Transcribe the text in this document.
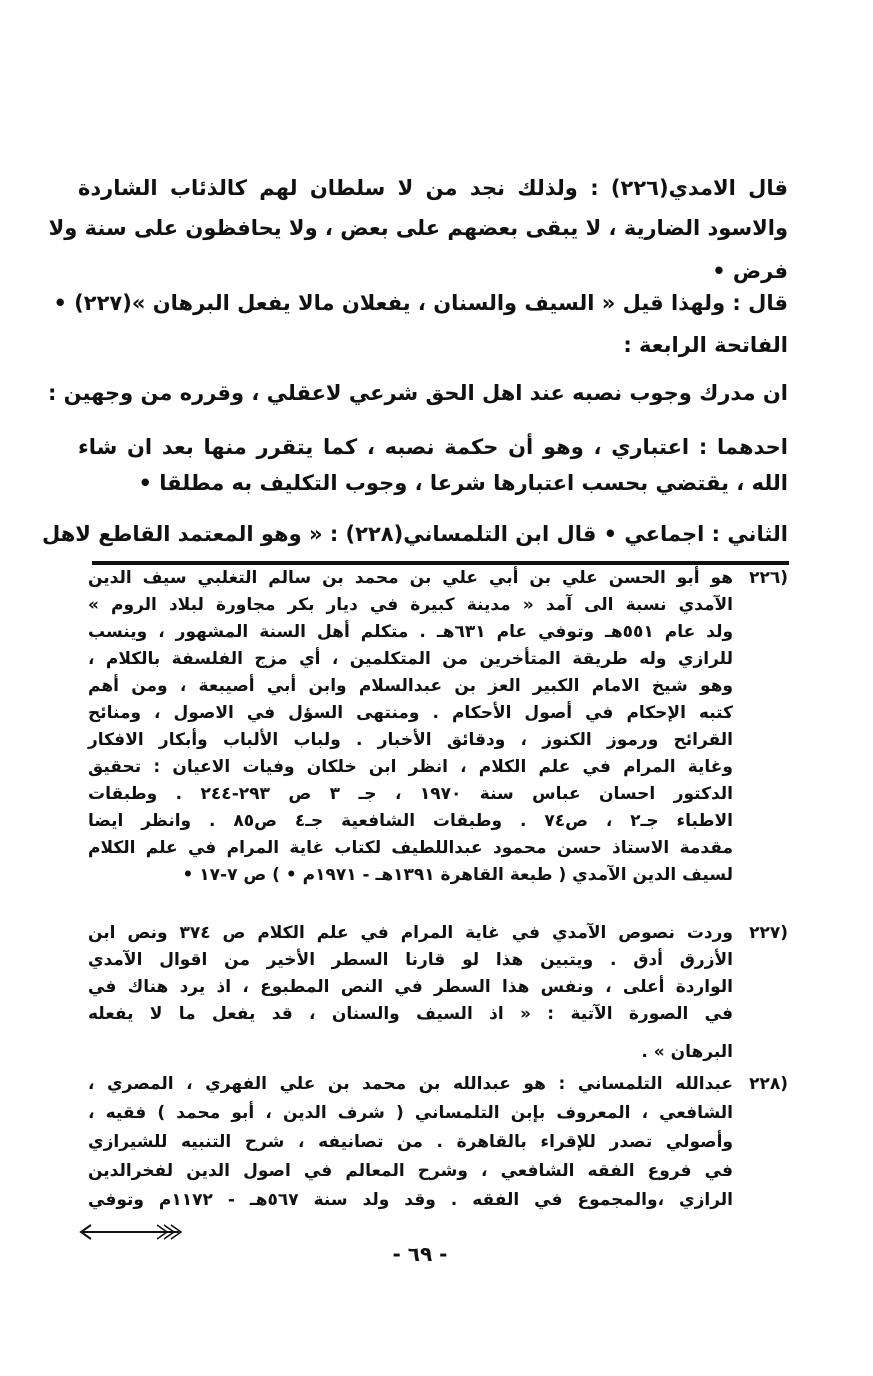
قال الامدي(٢٢٦) : ولذلك نجد من لا سلطان لهم كالذئاب الشاردة
والاسود الضارية ، لا يبقى بعضهم على بعض ، ولا يحافظون على سنة ولا
فرض •
قال : ولهذا قيل « السيف والسنان ، يفعلان مالا يفعل البرهان »(٢٢٧) •
الفاتحة الرابعة :
ان مدرك وجوب نصبه عند اهل الحق شرعي لاعقلي ، وقرره من وجهين :
احدهما : اعتباري ، وهو أن حكمة نصبه ، كما يتقرر منها بعد ان شاء
الله ، يقتضي بحسب اعتبارها شرعا ، وجوب التكليف به مطلقا •
الثاني : اجماعي • قال ابن التلمساني(٢٢٨) : « وهو المعتمد القاطع لاهل
(٢٢٦
هو أبو الحسن علي بن أبي علي بن محمد بن سالم التغلبي سيف الدين
الآمدي نسبة الى آمد « مدينة كبيرة في ديار بكر مجاورة لبلاد الروم »
ولد عام ٥٥١هـ وتوفي عام ٦٣١هـ . متكلم أهل السنة المشهور ، وينسب
للرازي وله طريقة المتأخرين من المتكلمين ، أي مزج الفلسفة بالكلام ،
وهو شيخ الامام الكبير العز بن عبدالسلام وابن أبي أصيبعة ، ومن أهم
كتبه الإحكام في أصول الأحكام . ومنتهى السؤل في الاصول ، ومنائح
القرائح ورموز الكنوز ، ودقائق الأخبار . ولباب الألباب وأبكار الافكار
وغاية المرام في علم الكلام ، انظر ابن خلكان وفيات الاعيان : تحقيق
الدكتور احسان عباس سنة ١٩٧٠ ، جـ ٣ ص ٢٩٣-٢٤٤ . وطبقات
الاطباء جـ٢ ، ص٧٤ . وطبقات الشافعية جـ٤ ص٨٥ . وانظر ايضا
مقدمة الاستاذ حسن محمود عبداللطيف لكتاب غاية المرام في علم الكلام
لسيف الدين الآمدي ( طبعة القاهرة ١٣٩١هـ - ١٩٧١م • ) ص ٧-١٧ •
(٢٢٧
وردت نصوص الآمدي في غاية المرام في علم الكلام ص ٣٧٤ ونص ابن
الأزرق أدق . ويتبين هذا لو قارنا السطر الأخير من اقوال الآمدي
الواردة أعلى ، ونفس هذا السطر في النص المطبوع ، اذ يرد هناك في
في الصورة الآتية : « اذ السيف والسنان ، قد يفعل ما لا يفعله
البرهان » .
(٢٢٨
عبدالله التلمساني : هو عبدالله بن محمد بن علي الفهري ، المصري ،
الشافعي ، المعروف بإبن التلمساني ( شرف الدين ، أبو محمد ) فقيه ،
وأصولي تصدر للإقراء بالقاهرة . من تصانيفه ، شرح التنبيه للشيرازي
في فروع الفقه الشافعي ، وشرح المعالم في اصول الدين لفخرالدين
الرازي ،والمجموع في الفقه . وقد ولد سنة ٥٦٧هـ - ١١٧٢م وتوفي
- ٦٩ -
